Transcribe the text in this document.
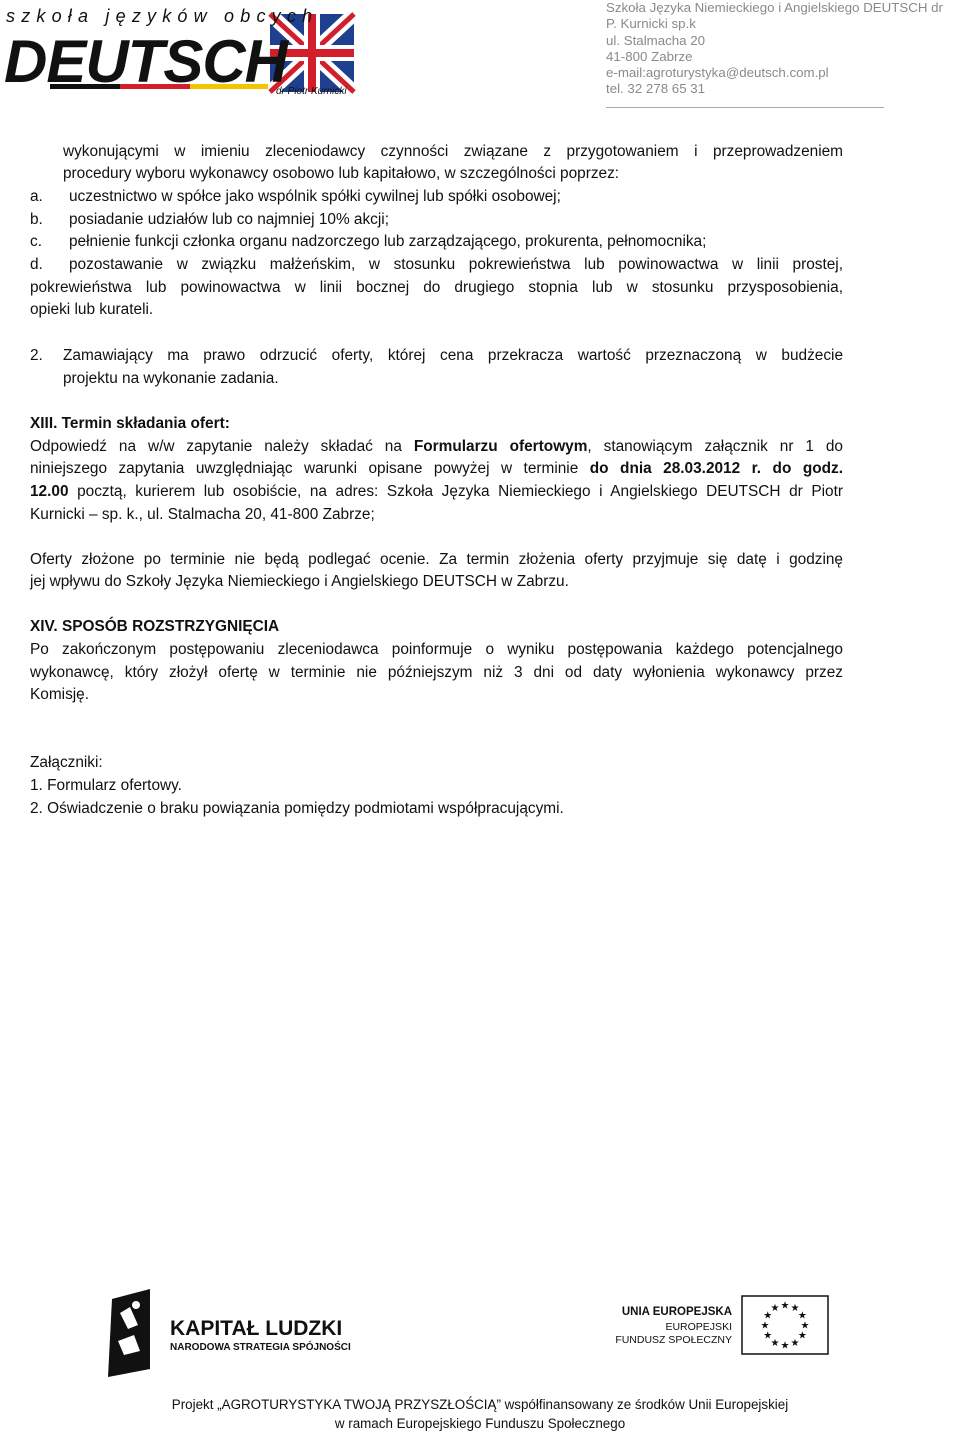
szkoła języków obcych
DEUTSCH
dr Piotr Kurnicki
Szkoła Języka Niemieckiego i Angielskiego DEUTSCH dr
P. Kurnicki sp.k
ul. Stalmacha 20
41-800 Zabrze
e-mail:agroturystyka@deutsch.com.pl
tel. 32 278 65 31
wykonującymi w imieniu zleceniodawcy czynności związane z przygotowaniem i przeprowadzeniem
procedury wyboru wykonawcy osobowo lub kapitałowo, w szczególności poprzez:
a. uczestnictwo w spółce jako wspólnik spółki cywilnej lub spółki osobowej;
b. posiadanie udziałów lub co najmniej 10% akcji;
c. pełnienie funkcji członka organu nadzorczego lub zarządzającego, prokurenta, pełnomocnika;
d. pozostawanie w związku małżeńskim, w stosunku pokrewieństwa lub powinowactwa w linii prostej,
pokrewieństwa lub powinowactwa w linii bocznej do drugiego stopnia lub w stosunku przysposobienia,
opieki lub kurateli.
2. Zamawiający ma prawo odrzucić oferty, której cena przekracza wartość przeznaczoną w budżecie
projektu na wykonanie zadania.
XIII. Termin składania ofert:
Odpowiedź na w/w zapytanie należy składać na Formularzu ofertowym, stanowiącym załącznik nr 1 do
niniejszego zapytania uwzględniając warunki opisane powyżej w terminie do dnia 28.03.2012 r. do godz.
12.00 pocztą, kurierem lub osobiście, na adres: Szkoła Języka Niemieckiego i Angielskiego DEUTSCH dr Piotr
Kurnicki – sp. k., ul. Stalmacha 20, 41-800 Zabrze;
Oferty złożone po terminie nie będą podlegać ocenie. Za termin złożenia oferty przyjmuje się datę i godzinę
jej wpływu do Szkoły Języka Niemieckiego i Angielskiego DEUTSCH w Zabrzu.
XIV. SPOSÓB ROZSTRZYGNIĘCIA
Po zakończonym postępowaniu zleceniodawca poinformuje o wyniku postępowania każdego potencjalnego
wykonawcę, który złożył ofertę w terminie nie późniejszym niż 3 dni od daty wyłonienia wykonawcy przez
Komisję.
Załączniki:
1. Formularz ofertowy.
2. Oświadczenie o braku powiązania pomiędzy podmiotami współpracującymi.
KAPITAŁ LUDZKI
NARODOWA STRATEGIA SPÓJNOŚCI
UNIA EUROPEJSKA
EUROPEJSKI
FUNDUSZ SPOŁECZNY
★ ★
★
★
★
★
★
★
★
★
★
★
Projekt „AGROTURYSTYKA TWOJĄ PRZYSZŁOŚCIĄ” współfinansowany ze środków Unii Europejskiej
w ramach Europejskiego Funduszu Społecznego
